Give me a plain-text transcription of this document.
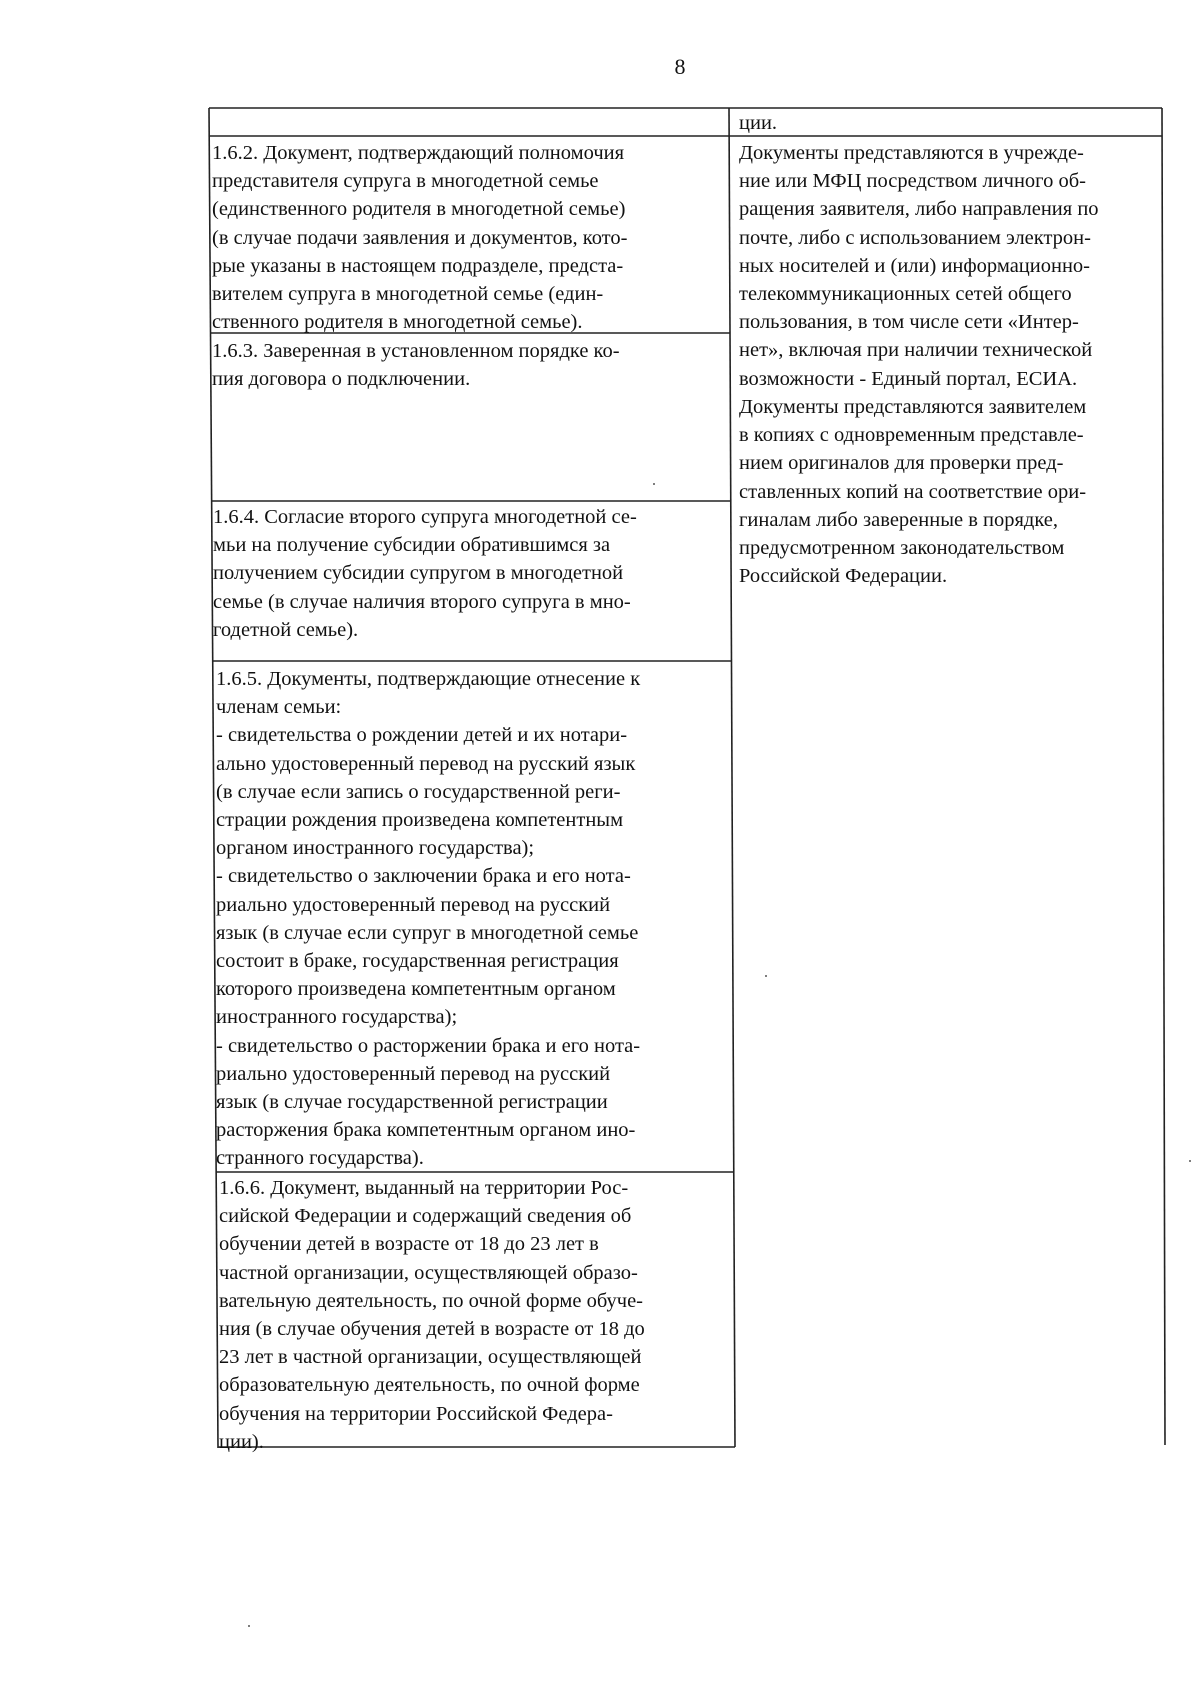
8
ции.
1.6.2. Документ, подтверждающий полномочия
представителя супруга в многодетной семье
(единственного родителя в многодетной семье)
(в случае подачи заявления и документов, кото-
рые указаны в настоящем подразделе, предста-
вителем супруга в многодетной семье (един-
ственного родителя в многодетной семье).
1.6.3. Заверенная в установленном порядке ко-
пия договора о подключении.
1.6.4. Согласие второго супруга многодетной се-
мьи на получение субсидии обратившимся за
получением субсидии супругом в многодетной
семье (в случае наличия второго супруга в мно-
годетной семье).
1.6.5. Документы, подтверждающие отнесение к
членам семьи:
- свидетельства о рождении детей и их нотари-
ально удостоверенный перевод на русский язык
(в случае если запись о государственной реги-
страции рождения произведена компетентным
органом иностранного государства);
- свидетельство о заключении брака и его нота-
риально удостоверенный перевод на русский
язык (в случае если супруг в многодетной семье
состоит в браке, государственная регистрация
которого произведена компетентным органом
иностранного государства);
- свидетельство о расторжении брака и его нота-
риально удостоверенный перевод на русский
язык (в случае государственной регистрации
расторжения брака компетентным органом ино-
странного государства).
1.6.6. Документ, выданный на территории Рос-
сийской Федерации и содержащий сведения об
обучении детей в возрасте от 18 до 23 лет в
частной организации, осуществляющей образо-
вательную деятельность, по очной форме обуче-
ния (в случае обучения детей в возрасте от 18 до
23 лет в частной организации, осуществляющей
образовательную деятельность, по очной форме
обучения на территории Российской Федера-
ции).
Документы представляются в учрежде-
ние или МФЦ посредством личного об-
ращения заявителя, либо направления по
почте, либо с использованием электрон-
ных носителей и (или) информационно-
телекоммуникационных сетей общего
пользования, в том числе сети «Интер-
нет», включая при наличии технической
возможности - Единый портал, ЕСИА.
Документы представляются заявителем
в копиях с одновременным представле-
нием оригиналов для проверки пред-
ставленных копий на соответствие ори-
гиналам либо заверенные в порядке,
предусмотренном законодательством
Российской Федерации.
